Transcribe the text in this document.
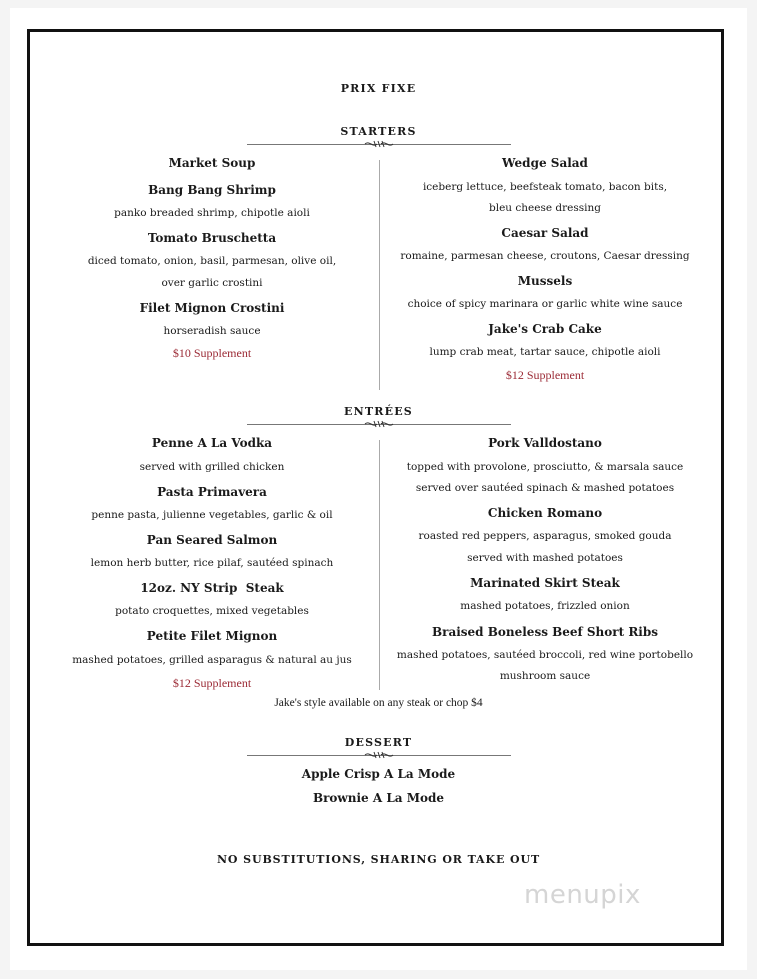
PRIX FIXE
STARTERS
Market Soup
Bang Bang Shrimp
panko breaded shrimp, chipotle aioli
Tomato Bruschetta
diced tomato, onion, basil, parmesan, olive oil,
over garlic crostini
Filet Mignon Crostini
horseradish sauce
$10 Supplement
Wedge Salad
iceberg lettuce, beefsteak tomato, bacon bits,
bleu cheese dressing
Caesar Salad
romaine, parmesan cheese, croutons, Caesar dressing
Mussels
choice of spicy marinara or garlic white wine sauce
Jake's Crab Cake
lump crab meat, tartar sauce, chipotle aioli
$12 Supplement
ENTRÉES
Penne A La Vodka
served with grilled chicken
Pasta Primavera
penne pasta, julienne vegetables, garlic & oil
Pan Seared Salmon
lemon herb butter, rice pilaf, sautéed spinach
12oz. NY Strip  Steak
potato croquettes, mixed vegetables
Petite Filet Mignon
mashed potatoes, grilled asparagus & natural au jus
$12 Supplement
Pork Valldostano
topped with provolone, prosciutto, & marsala sauce
served over sautéed spinach & mashed potatoes
Chicken Romano
roasted red peppers, asparagus, smoked gouda
served with mashed potatoes
Marinated Skirt Steak
mashed potatoes, frizzled onion
Braised Boneless Beef Short Ribs
mashed potatoes, sautéed broccoli, red wine portobello
mushroom sauce
Jake's style available on any steak or chop $4
DESSERT
Apple Crisp A La Mode
Brownie A La Mode
NO SUBSTITUTIONS, SHARING OR TAKE OUT
menupix
